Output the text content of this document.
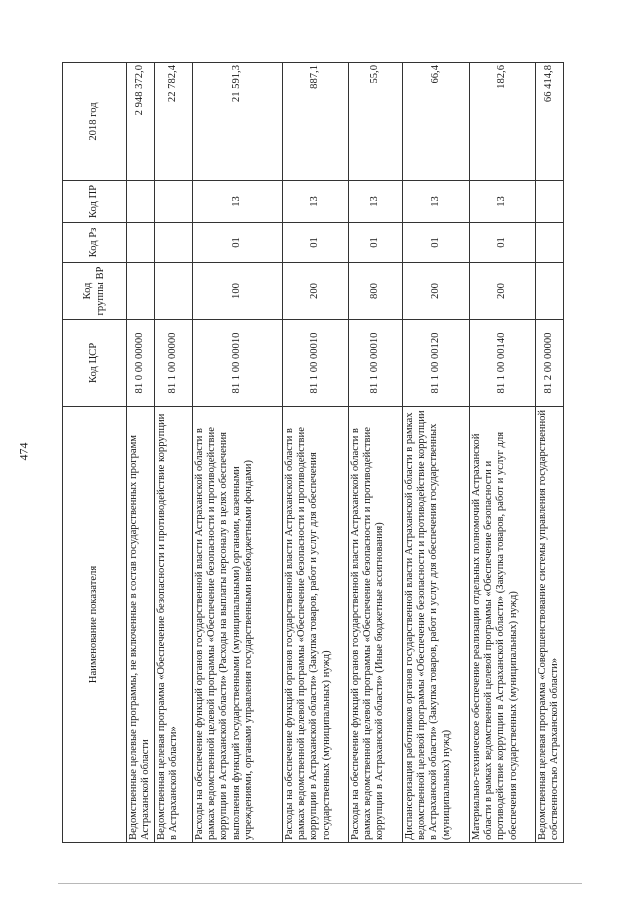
474
Наименование показателя	Код ЦСР	Код группы ВР	Код Рз	Код ПР	2018 год
Ведомственные целевые программы, не включенные в состав государственных программ Астраханской области	81 0 00 00000				2 948 372,0
Ведомственная целевая программа «Обеспечение безопасности и противодействие коррупции в Астраханской области»	81 1 00 00000				22 782,4
Расходы на обеспечение функций органов государственной власти Астраханской области в рамках ведомственной целевой программы «Обеспечение безопасности и противодействие коррупции в Астраханской области» (Расходы на выплаты персоналу в целях обеспечения выполнения функций государственными (муниципальными) органами, казенными учреждениями, органами управления государственными внебюджетными фондами)	81 1 00 00010	100	01	13	21 591,3
Расходы на обеспечение функций органов государственной власти Астраханской области в рамках ведомственной целевой программы «Обеспечение безопасности и противодействие коррупции в Астраханской области» (Закупка товаров, работ и услуг для обеспечения государственных (муниципальных) нужд)	81 1 00 00010	200	01	13	887,1
Расходы на обеспечение функций органов государственной власти Астраханской области в рамках ведомственной целевой программы «Обеспечение безопасности и противодействие коррупции в Астраханской области» (Иные бюджетные ассигнования)	81 1 00 00010	800	01	13	55,0
Диспансеризация работников органов государственной власти Астраханской области в рамках ведомственной целевой программы «Обеспечение безопасности и противодействие коррупции в Астраханской области» (Закупка товаров, работ и услуг для обеспечения государственных (муниципальных) нужд)	81 1 00 00120	200	01	13	66,4
Материально-техническое обеспечение реализации отдельных полномочий Астраханской области в рамках ведомственной целевой программы «Обеспечение безопасности и противодействие коррупции в Астраханской области» (Закупка товаров, работ и услуг для обеспечения государственных (муниципальных) нужд)	81 1 00 00140	200	01	13	182,6
Ведомственная целевая программа «Совершенствование системы управления государственной собственностью Астраханской области»	81 2 00 00000				66 414,8
